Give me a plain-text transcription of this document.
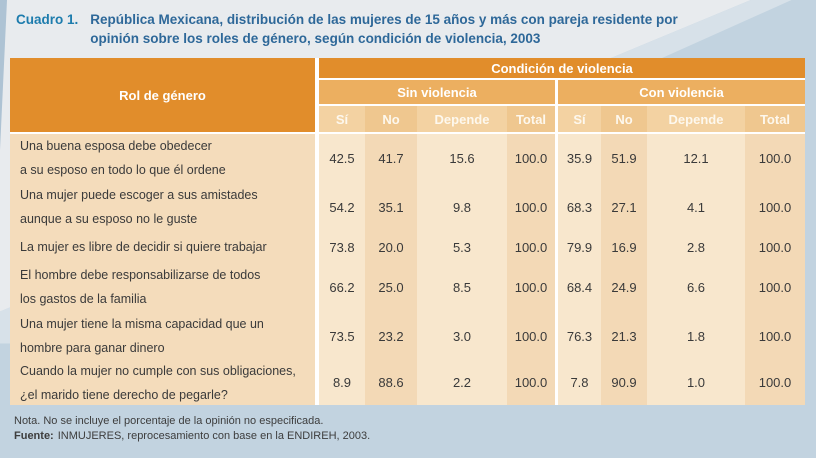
Cuadro 1. República Mexicana, distribución de las mujeres de 15 años y más con pareja residente por
opinión sobre los roles de género, según condición de violencia, 2003
Rol de género
Condición de violencia
Sin violencia	Con violencia
Sí	No	Depende	Total	Sí	No	Depende	Total
Una buena esposa debe obedecer
a su esposo en todo lo que él ordene
42.5	41.7	15.6	100.0	35.9	51.9	12.1	100.0
Una mujer puede escoger a sus amistades
aunque a su esposo no le guste
54.2	35.1	9.8	100.0	68.3	27.1	4.1	100.0
La mujer es libre de decidir si quiere trabajar	73.8	20.0	5.3	100.0	79.9	16.9	2.8	100.0
El hombre debe responsabilizarse de todos
los gastos de la familia
66.2	25.0	8.5	100.0	68.4	24.9	6.6	100.0
Una mujer tiene la misma capacidad que un
hombre para ganar dinero
73.5	23.2	3.0	100.0	76.3	21.3	1.8	100.0
Cuando la mujer no cumple con sus obligaciones,
¿el marido tiene derecho de pegarle?
8.9	88.6	2.2	100.0	7.8	90.9	1.0	100.0
Nota. No se incluye el porcentaje de la opinión no especificada.
Fuente: INMUJERES, reprocesamiento con base en la ENDIREH, 2003.
